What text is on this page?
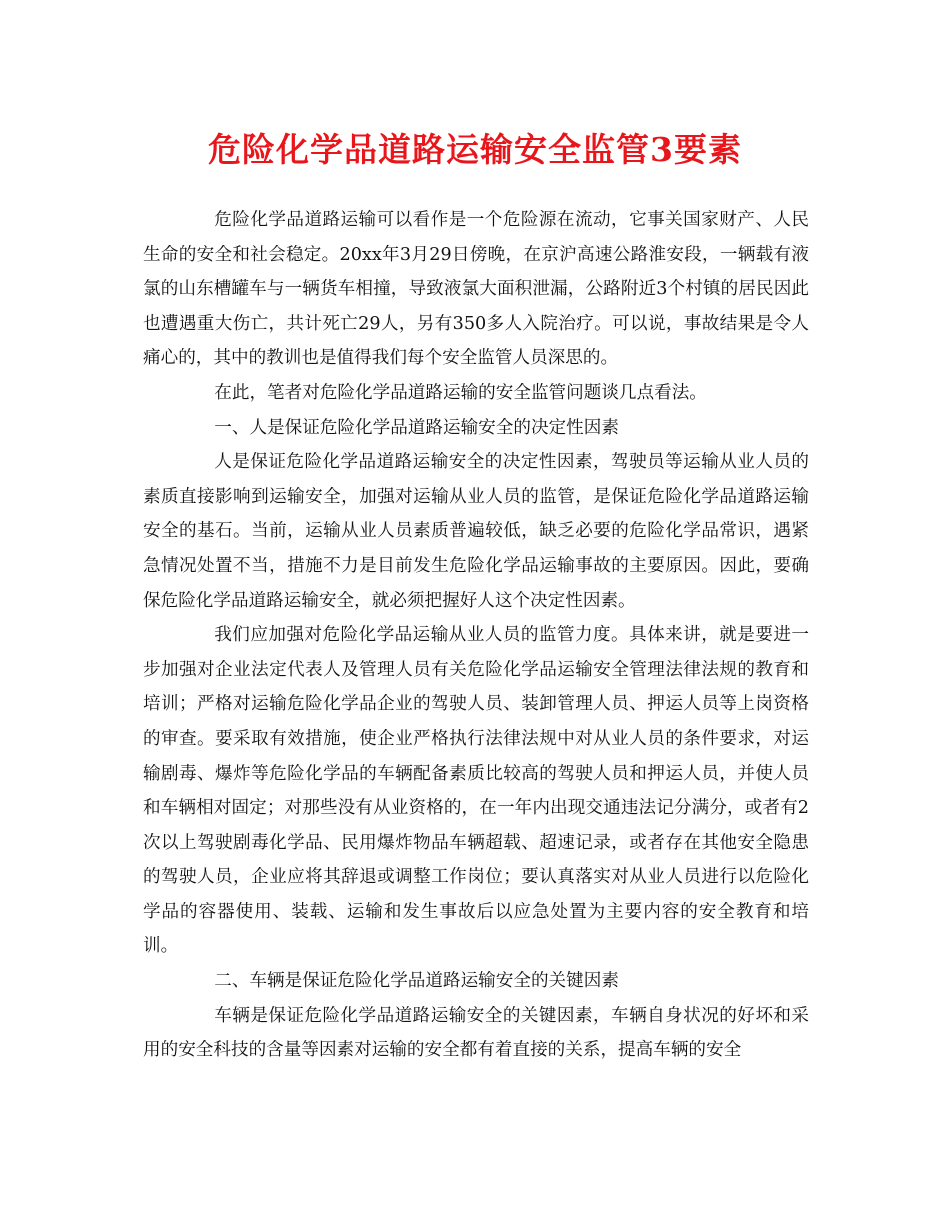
危险化学品道路运输安全监管3要素

危险化学品道路运输可以看作是一个危险源在流动，它事关国家财产、人民生命的安全和社会稳定。20xx年3月29日傍晚，在京沪高速公路淮安段，一辆载有液氯的山东槽罐车与一辆货车相撞，导致液氯大面积泄漏，公路附近3个村镇的居民因此也遭遇重大伤亡，共计死亡29人，另有350多人入院治疗。可以说，事故结果是令人痛心的，其中的教训也是值得我们每个安全监管人员深思的。

在此，笔者对危险化学品道路运输的安全监管问题谈几点看法。

一、人是保证危险化学品道路运输安全的决定性因素

人是保证危险化学品道路运输安全的决定性因素，驾驶员等运输从业人员的素质直接影响到运输安全，加强对运输从业人员的监管，是保证危险化学品道路运输安全的基石。当前，运输从业人员素质普遍较低，缺乏必要的危险化学品常识，遇紧急情况处置不当，措施不力是目前发生危险化学品运输事故的主要原因。因此，要确保危险化学品道路运输安全，就必须把握好人这个决定性因素。

我们应加强对危险化学品运输从业人员的监管力度。具体来讲，就是要进一步加强对企业法定代表人及管理人员有关危险化学品运输安全管理法律法规的教育和培训；严格对运输危险化学品企业的驾驶人员、装卸管理人员、押运人员等上岗资格的审查。要采取有效措施，使企业严格执行法律法规中对从业人员的条件要求，对运输剧毒、爆炸等危险化学品的车辆配备素质比较高的驾驶人员和押运人员，并使人员和车辆相对固定；对那些没有从业资格的，在一年内出现交通违法记分满分，或者有2次以上驾驶剧毒化学品、民用爆炸物品车辆超载、超速记录，或者存在其他安全隐患的驾驶人员，企业应将其辞退或调整工作岗位；要认真落实对从业人员进行以危险化学品的容器使用、装载、运输和发生事故后以应急处置为主要内容的安全教育和培训。

二、车辆是保证危险化学品道路运输安全的关键因素

车辆是保证危险化学品道路运输安全的关键因素，车辆自身状况的好坏和采用的安全科技的含量等因素对运输的安全都有着直接的关系，提高车辆的安全
